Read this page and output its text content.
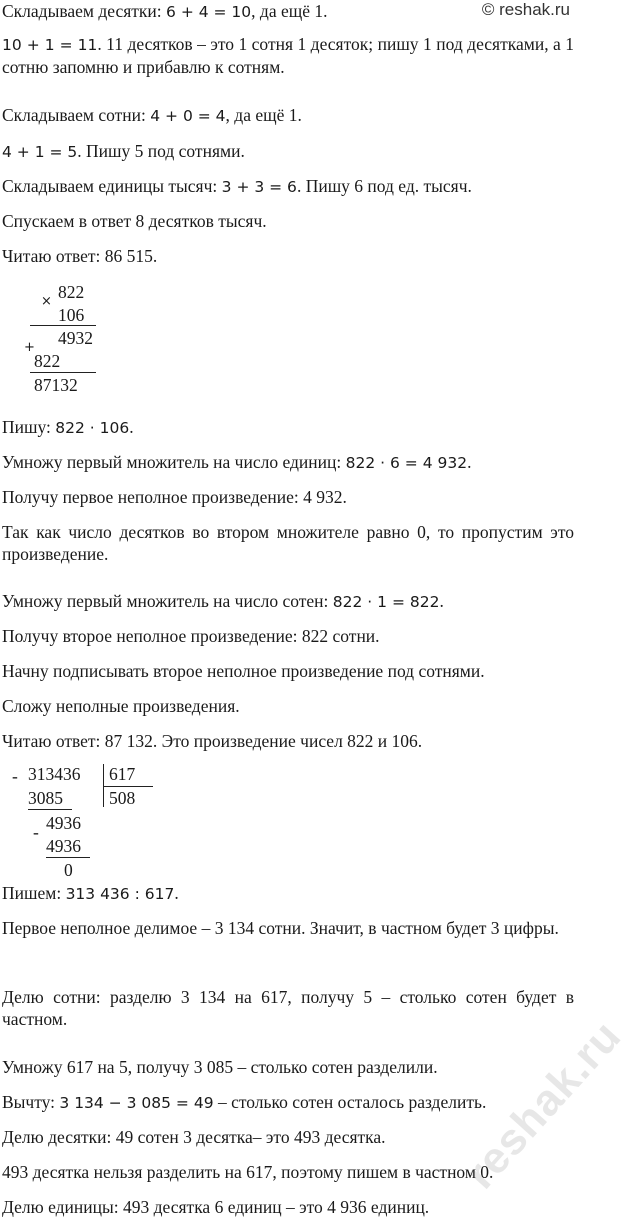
© reshak.ru
Складываем десятки: 6 + 4 = 10, да ещё 1.
10 + 1 = 11. 11 десятков – это 1 сотня 1 десяток; пишу 1 под десятками, а 1 сотню запомню и прибавлю к сотням.
Складываем сотни: 4 + 0 = 4, да ещё 1.
4 + 1 = 5. Пишу 5 под сотнями.
Складываем единицы тысяч: 3 + 3 = 6. Пишу 6 под ед. тысяч.
Спускаем в ответ 8 десятков тысяч.
Читаю ответ: 86 515.
× 822
106
+ 4932
822
87132
Пишу: 822 · 106.
Умножу первый множитель на число единиц: 822 · 6 = 4 932.
Получу первое неполное произведение: 4 932.
Так как число десятков во втором множителе равно 0, то пропустим это произведение.
Умножу первый множитель на число сотен: 822 · 1 = 822.
Получу второе неполное произведение: 822 сотни.
Начну подписывать второе неполное произведение под сотнями.
Сложу неполные произведения.
Читаю ответ: 87 132. Это произведение чисел 822 и 106.
- 313436 617
508
3085
- 4936
4936
0
Пишем: 313 436 : 617.
Первое неполное делимое – 3 134 сотни. Значит, в частном будет 3 цифры.
Делю сотни: разделю 3 134 на 617, получу 5 – столько сотен будет в частном.
Умножу 617 на 5, получу 3 085 – столько сотен разделили.
Вычту: 3 134 − 3 085 = 49 – столько сотен осталось разделить.
Делю десятки: 49 сотен 3 десятка– это 493 десятка.
493 десятка нельзя разделить на 617, поэтому пишем в частном 0.
Делю единицы: 493 десятка 6 единиц – это 4 936 единиц.
reshak.ru
